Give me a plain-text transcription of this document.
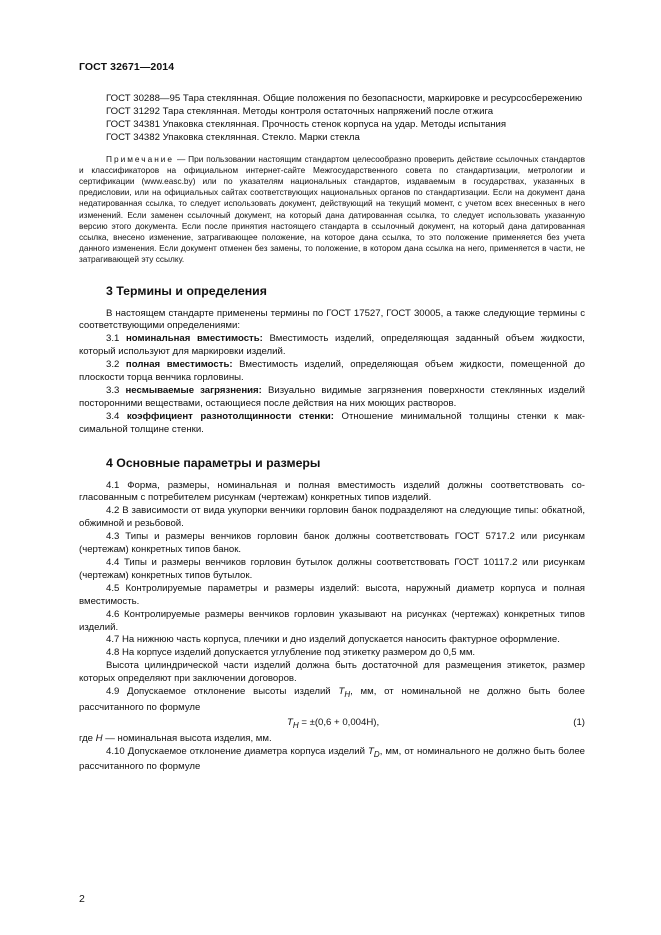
ГОСТ 32671—2014

ГОСТ 30288—95 Тара стеклянная. Общие положения по безопасности, маркировке и ресурсосбережению

ГОСТ 31292 Тара стеклянная. Методы контроля остаточных напряжений после отжига

ГОСТ 34381 Упаковка стеклянная. Прочность стенок корпуса на удар. Методы испытания

ГОСТ 34382 Упаковка стеклянная. Стекло. Марки стекла

Примечание — При пользовании настоящим стандартом целесообразно проверить действие ссылочных стандартов и классификаторов на официальном интернет-сайте Межгосударственного совета по стандартизации, метрологии и сертификации (www.easc.by) или по указателям национальных стандартов, издаваемым в государствах, указанных в предисловии, или на официальных сайтах соответствующих национальных органов по стандартизации. Если на документ дана недатированная ссылка, то следует использовать документ, действующий на текущий момент, с учетом всех внесенных в него изменений. Если заменен ссылочный документ, на который дана датированная ссылка, то следует использовать указанную версию этого документа. Если после принятия настоящего стандарта в ссылочный документ, на который дана датированная ссылка, внесено изменение, затрагивающее положение, на которое дана ссылка, то это положение применяется без учета данного изменения. Если документ отменен без замены, то положение, в котором дана ссылка на него, применяется в части, не затрагивающей эту ссылку.

3 Термины и определения

В настоящем стандарте применены термины по ГОСТ 17527, ГОСТ 30005, а также следующие термины с соответствующими определениями:

3.1 номинальная вместимость: Вместимость изделий, определяющая заданный объем жидкости, который используют для маркировки изделий.

3.2 полная вместимость: Вместимость изделий, определяющая объем жидкости, помещенной до плоскости торца венчика горловины.

3.3 несмываемые загрязнения: Визуально видимые загрязнения поверхности стеклянных изделий посторонними веществами, остающиеся после действия на них моющих растворов.

3.4 коэффициент разнотолщинности стенки: Отношение минимальной толщины стенки к максимальной толщине стенки.

4 Основные параметры и размеры

4.1 Форма, размеры, номинальная и полная вместимость изделий должны соответствовать согласованным с потребителем рисункам (чертежам) конкретных типов изделий.

4.2 В зависимости от вида укупорки венчики горловин банок подразделяют на следующие типы: обкатной, обжимной и резьбовой.

4.3 Типы и размеры венчиков горловин банок должны соответствовать ГОСТ 5717.2 или рисункам (чертежам) конкретных типов банок.

4.4 Типы и размеры венчиков горловин бутылок должны соответствовать ГОСТ 10117.2 или рисункам (чертежам) конкретных типов бутылок.

4.5 Контролируемые параметры и размеры изделий: высота, наружный диаметр корпуса и полная вместимость.

4.6 Контролируемые размеры венчиков горловин указывают на рисунках (чертежах) конкретных типов изделий.

4.7 На нижнюю часть корпуса, плечики и дно изделий допускается наносить фактурное оформление.

4.8 На корпусе изделий допускается углубление под этикетку размером до 0,5 мм.

Высота цилиндрической части изделий должна быть достаточной для размещения этикеток, размер которых определяют при заключении договоров.

4.9 Допускаемое отклонение высоты изделий $T_H$, мм, от номинальной не должно быть более рассчитанного по формуле

$T_H = \pm(0,6 + 0,004H)$,	(1)

где H — номинальная высота изделия, мм.

4.10 Допускаемое отклонение диаметра корпуса изделий $T_D$, мм, от номинального не должно быть более рассчитанного по формуле

2
